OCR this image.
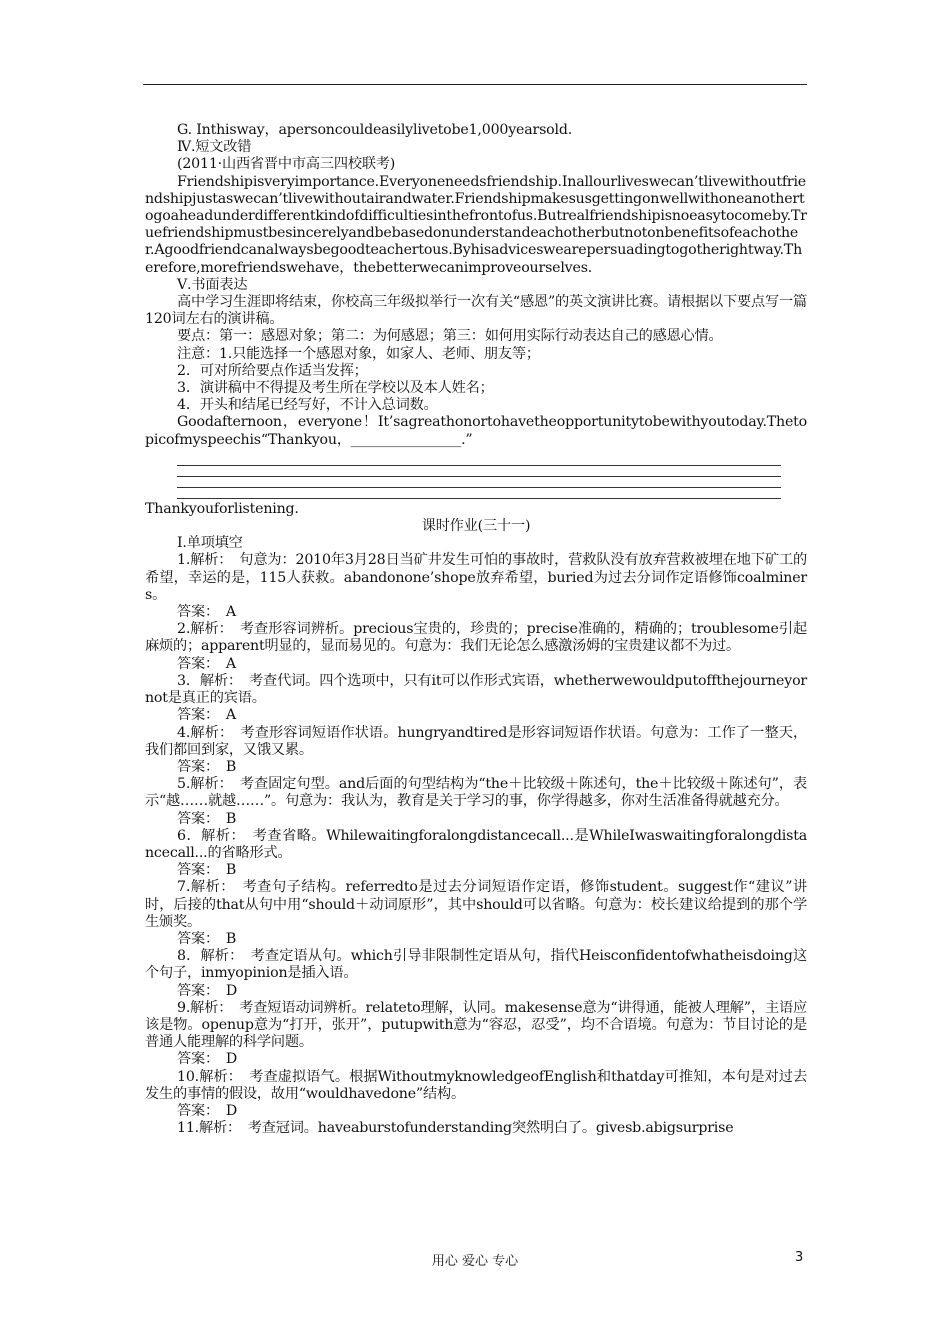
G. Inthisway，apersoncouldeasilylivetobe1,000yearsold.

Ⅳ.短文改错

(2011·山西省晋中市高三四校联考)

Friendshipisveryimportance.Everyoneneedsfriendship.Inallourliveswecan’tlivewithoutfriendshipjustaswecan’tlivewithoutairandwater.Friendshipmakesusgettingonwellwithoneanothertogoaheadunderdifferentkindofdifficultiesinthefrontofus.Butrealfriendshipisnoeasytocomeby.Truefriendshipmustbesincerelyandbebasedonunderstandeachotherbutnotonbenefitsofeachother.Agoodfriendcanalwaysbegoodteachertous.Byhisadviceswearepersuadingtogotherightway.Therefore,morefriendswehave，thebetterwecanimproveourselves.

Ⅴ.书面表达

高中学习生涯即将结束，你校高三年级拟举行一次有关“感恩”的英文演讲比赛。请根据以下要点写一篇120词左右的演讲稿。

要点：第一：感恩对象；第二：为何感恩；第三：如何用实际行动表达自己的感恩心情。

注意：1.只能选择一个感恩对象，如家人、老师、朋友等；

2．可对所给要点作适当发挥；

3．演讲稿中不得提及考生所在学校以及本人姓名；

4．开头和结尾已经写好，不计入总词数。

Goodafternoon，everyone！It’sagreathonortohavetheopportunitytobewithyoutoday.Thetopicofmyspeechis“Thankyou，________________.”

Thankyouforlistening.

课时作业(三十一)

Ⅰ.单项填空

1.解析：　句意为：2010年3月28日当矿井发生可怕的事故时，营救队没有放弃营救被埋在地下矿工的希望，幸运的是，115人获救。abandonone’shope放弃希望，buried为过去分词作定语修饰coalminers。

答案：　A

2.解析：　考查形容词辨析。precious宝贵的，珍贵的；precise准确的，精确的；troublesome引起麻烦的；apparent明显的，显而易见的。句意为：我们无论怎么感激汤姆的宝贵建议都不为过。

答案：　A

3．解析：　考查代词。四个选项中，只有it可以作形式宾语，whetherwewouldputoffthejourneyornot是真正的宾语。

答案：　A

4.解析：　考查形容词短语作状语。hungryandtired是形容词短语作状语。句意为：工作了一整天，我们都回到家，又饿又累。

答案：　B

5.解析：　考查固定句型。and后面的句型结构为“the＋比较级＋陈述句，the＋比较级＋陈述句”，表示“越……就越……”。句意为：我认为，教育是关于学习的事，你学得越多，你对生活准备得就越充分。

答案：　B

6．解析：　考查省略。Whilewaitingforalongdistancecall...是WhileIwaswaitingforalongdistancecall...的省略形式。

答案：　B

7.解析：　考查句子结构。referredto是过去分词短语作定语，修饰student。suggest作“建议”讲时，后接的that从句中用“should＋动词原形”，其中should可以省略。句意为：校长建议给提到的那个学生颁奖。

答案：　B

8．解析：　考查定语从句。which引导非限制性定语从句，指代Heisconfidentofwhatheisdoing这个句子，inmyopinion是插入语。

答案：　D

9.解析：　考查短语动词辨析。relateto理解，认同。makesense意为“讲得通，能被人理解”，主语应该是物。openup意为“打开，张开”，putupwith意为“容忍，忍受”，均不合语境。句意为：节目讨论的是普通人能理解的科学问题。

答案：　D

10.解析：　考查虚拟语气。根据WithoutmyknowledgeofEnglish和thatday可推知，本句是对过去发生的事情的假设，故用“wouldhavedone”结构。

答案：　D

11.解析：　考查冠词。haveaburstofunderstanding突然明白了。givesb.abigsurprise

用心 爱心 专心	3
